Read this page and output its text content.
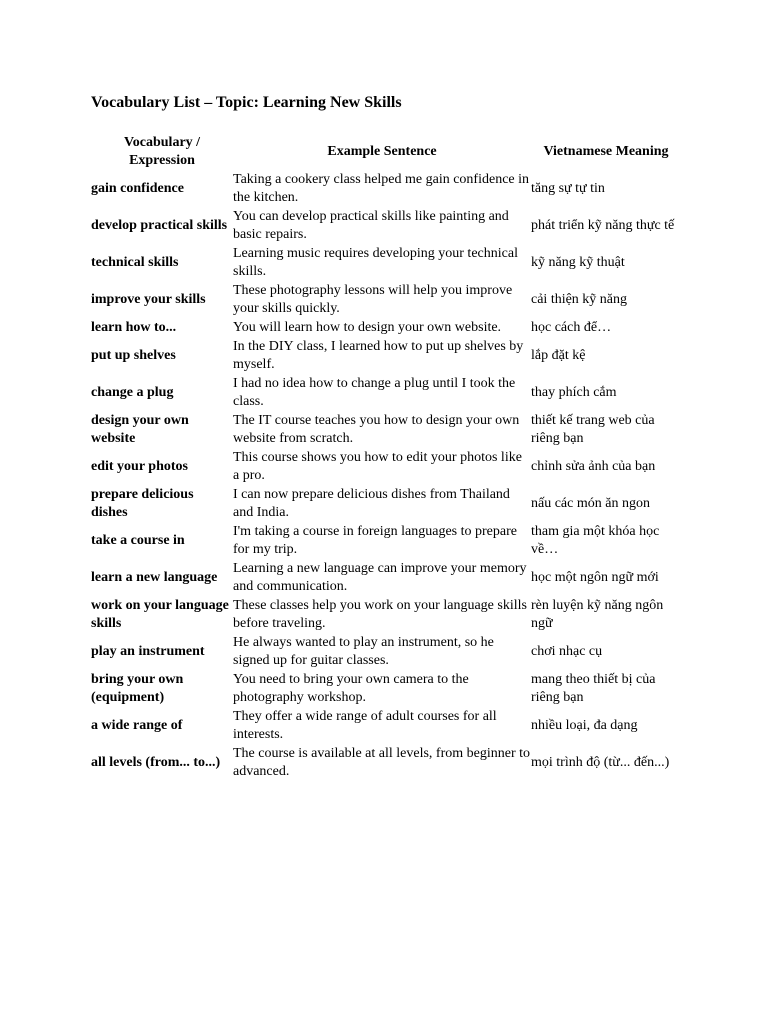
Vocabulary List – Topic: Learning New Skills
Vocabulary / Expression	Example Sentence	Vietnamese Meaning
gain confidence	Taking a cookery class helped me gain confidence in the kitchen.	tăng sự tự tin
develop practical skills	You can develop practical skills like painting and basic repairs.	phát triển kỹ năng thực tế
technical skills	Learning music requires developing your technical skills.	kỹ năng kỹ thuật
improve your skills	These photography lessons will help you improve your skills quickly.	cải thiện kỹ năng
learn how to...	You will learn how to design your own website.	học cách để…
put up shelves	In the DIY class, I learned how to put up shelves by myself.	lắp đặt kệ
change a plug	I had no idea how to change a plug until I took the class.	thay phích cắm
design your own website	The IT course teaches you how to design your own website from scratch.	thiết kế trang web của riêng bạn
edit your photos	This course shows you how to edit your photos like a pro.	chỉnh sửa ảnh của bạn
prepare delicious dishes	I can now prepare delicious dishes from Thailand and India.	nấu các món ăn ngon
take a course in	I'm taking a course in foreign languages to prepare for my trip.	tham gia một khóa học về…
learn a new language	Learning a new language can improve your memory and communication.	học một ngôn ngữ mới
work on your language skills	These classes help you work on your language skills before traveling.	rèn luyện kỹ năng ngôn ngữ
play an instrument	He always wanted to play an instrument, so he signed up for guitar classes.	chơi nhạc cụ
bring your own (equipment)	You need to bring your own camera to the photography workshop.	mang theo thiết bị của riêng bạn
a wide range of	They offer a wide range of adult courses for all interests.	nhiều loại, đa dạng
all levels (from... to...)	The course is available at all levels, from beginner to advanced.	mọi trình độ (từ... đến...)
